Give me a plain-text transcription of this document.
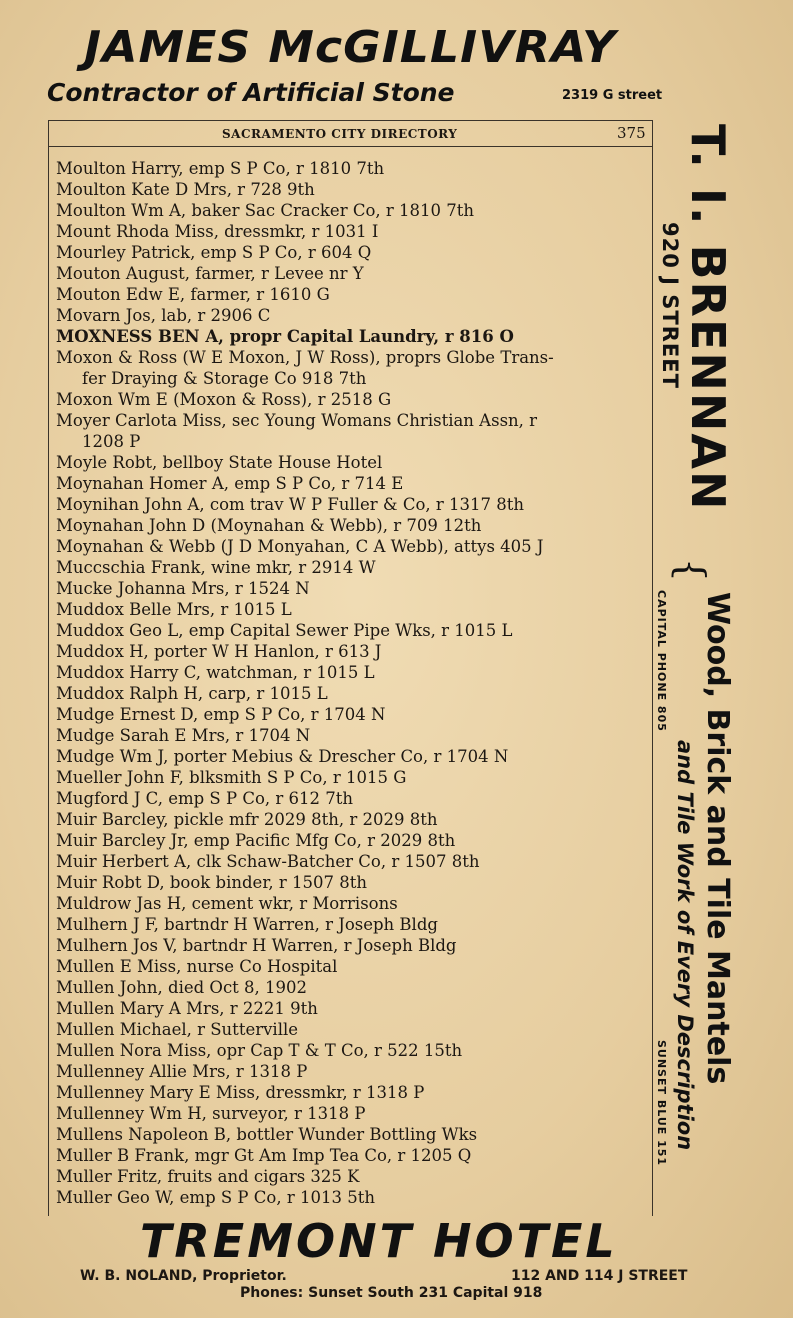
JAMES McGILLIVRAY
Contractor of Artificial Stone	2319 G street
SACRAMENTO CITY DIRECTORY	375
Moulton Harry, emp S P Co, r 1810 7th
Moulton Kate D Mrs, r 728 9th
Moulton Wm A, baker Sac Cracker Co, r 1810 7th
Mount Rhoda Miss, dressmkr, r 1031 I
Mourley Patrick, emp S P Co, r 604 Q
Mouton August, farmer, r Levee nr Y
Mouton Edw E, farmer, r 1610 G
Movarn Jos, lab, r 2906 C
MOXNESS BEN A, propr Capital Laundry, r 816 O
Moxon & Ross (W E Moxon, J W Ross), proprs Globe Trans-
fer Draying & Storage Co 918 7th
Moxon Wm E (Moxon & Ross), r 2518 G
Moyer Carlota Miss, sec Young Womans Christian Assn, r
1208 P
Moyle Robt, bellboy State House Hotel
Moynahan Homer A, emp S P Co, r 714 E
Moynihan John A, com trav W P Fuller & Co, r 1317 8th
Moynahan John D (Moynahan & Webb), r 709 12th
Moynahan & Webb (J D Monyahan, C A Webb), attys 405 J
Muccschia Frank, wine mkr, r 2914 W
Mucke Johanna Mrs, r 1524 N
Muddox Belle Mrs, r 1015 L
Muddox Geo L, emp Capital Sewer Pipe Wks, r 1015 L
Muddox H, porter W H Hanlon, r 613 J
Muddox Harry C, watchman, r 1015 L
Muddox Ralph H, carp, r 1015 L
Mudge Ernest D, emp S P Co, r 1704 N
Mudge Sarah E Mrs, r 1704 N
Mudge Wm J, porter Mebius & Drescher Co, r 1704 N
Mueller John F, blksmith S P Co, r 1015 G
Mugford J C, emp S P Co, r 612 7th
Muir Barcley, pickle mfr 2029 8th, r 2029 8th
Muir Barcley Jr, emp Pacific Mfg Co, r 2029 8th
Muir Herbert A, clk Schaw-Batcher Co, r 1507 8th
Muir Robt D, book binder, r 1507 8th
Muldrow Jas H, cement wkr, r Morrisons
Mulhern J F, bartndr H Warren, r Joseph Bldg
Mulhern Jos V, bartndr H Warren, r Joseph Bldg
Mullen E Miss, nurse Co Hospital
Mullen John, died Oct 8, 1902
Mullen Mary A Mrs, r 2221 9th
Mullen Michael, r Sutterville
Mullen Nora Miss, opr Cap T & T Co, r 522 15th
Mullenney Allie Mrs, r 1318 P
Mullenney Mary E Miss, dressmkr, r 1318 P
Mullenney Wm H, surveyor, r 1318 P
Mullens Napoleon B, bottler Wunder Bottling Wks
Muller B Frank, mgr Gt Am Imp Tea Co, r 1205 Q
Muller Fritz, fruits and cigars 325 K
Muller Geo W, emp S P Co, r 1013 5th
T. I. BRENNAN
920 J STREET
{
Wood, Brick and Tile Mantels
and Tile Work of Every Description
CAPITAL PHONE 805
SUNSET BLUE 151
TREMONT HOTEL
W. B. NOLAND, Proprietor.	112 AND 114 J STREET
Phones: Sunset South 231 Capital 918
